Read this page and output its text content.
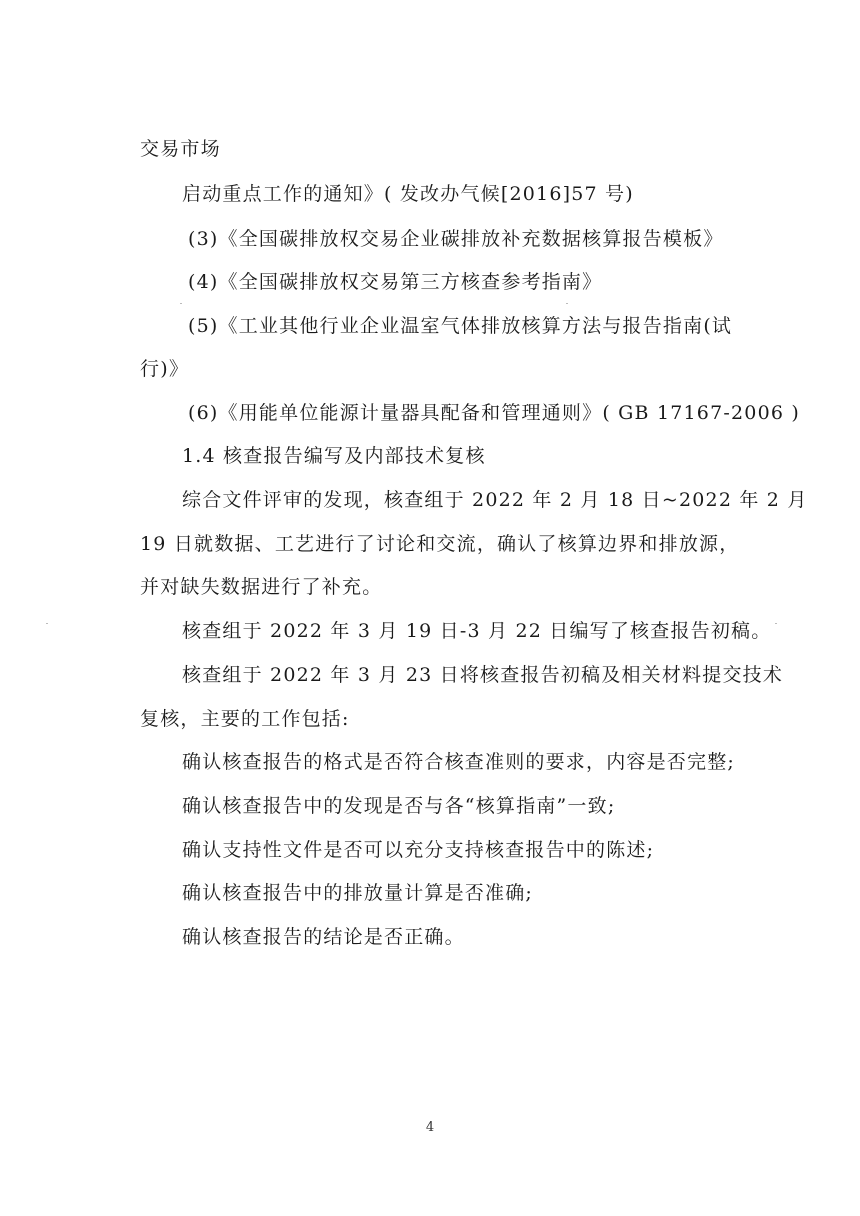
交易市场
启动重点工作的通知》( 发改办气候[2016]57 号)
(3)《全国碳排放权交易企业碳排放补充数据核算报告模板》
(4)《全国碳排放权交易第三方核查参考指南》
(5)《工业其他行业企业温室气体排放核算方法与报告指南(试
行)》
(6)《用能单位能源计量器具配备和管理通则》( GB 17167-2006 )
1.4 核查报告编写及内部技术复核
综合文件评审的发现，核查组于 2022 年 2 月 18 日~2022 年 2 月
19 日就数据、工艺进行了讨论和交流，确认了核算边界和排放源，
并对缺失数据进行了补充。
核查组于 2022 年 3 月 19 日-3 月 22 日编写了核查报告初稿。
核查组于 2022 年 3 月 23 日将核查报告初稿及相关材料提交技术
复核，主要的工作包括:
确认核查报告的格式是否符合核查准则的要求，内容是否完整;
确认核查报告中的发现是否与各“核算指南”一致;
确认支持性文件是否可以充分支持核查报告中的陈述;
确认核查报告中的排放量计算是否准确;
确认核查报告的结论是否正确。
4
